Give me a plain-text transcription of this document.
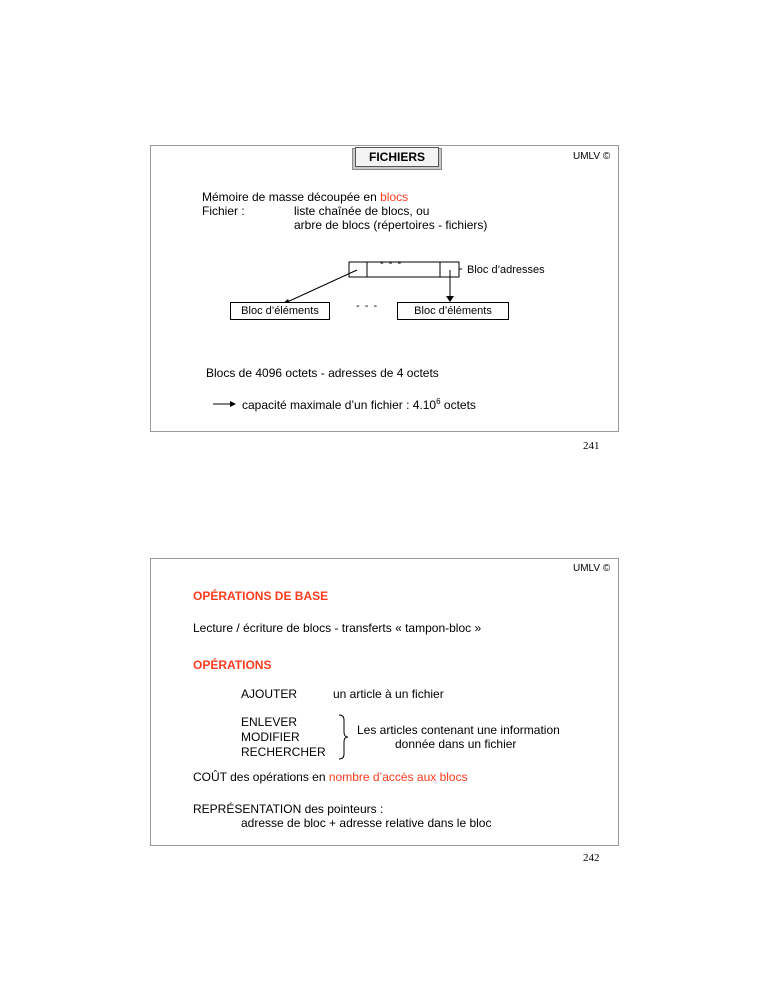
FICHIERS	UMLV ©
Mémoire de masse découpée en blocs
Fichier :	liste chaînée de blocs, ou
arbre de blocs (répertoires - fichiers)
- - -
Bloc d’adresses
Bloc d’éléments	- - -	Bloc d’éléments
Blocs de 4096 octets - adresses de 4 octets
capacité maximale d’un fichier : 4.10$^6$ octets
241
UMLV ©
OPÉRATIONS DE BASE
Lecture / écriture de blocs - transferts « tampon-bloc »
OPÉRATIONS
AJOUTER	un article à un fichier
ENLEVER
MODIFIER
RECHERCHER
Les articles contenant une information
donnée dans un fichier
COÛT des opérations en nombre d’accès aux blocs
REPRÉSENTATION des pointeurs :
adresse de bloc + adresse relative dans le bloc
242
